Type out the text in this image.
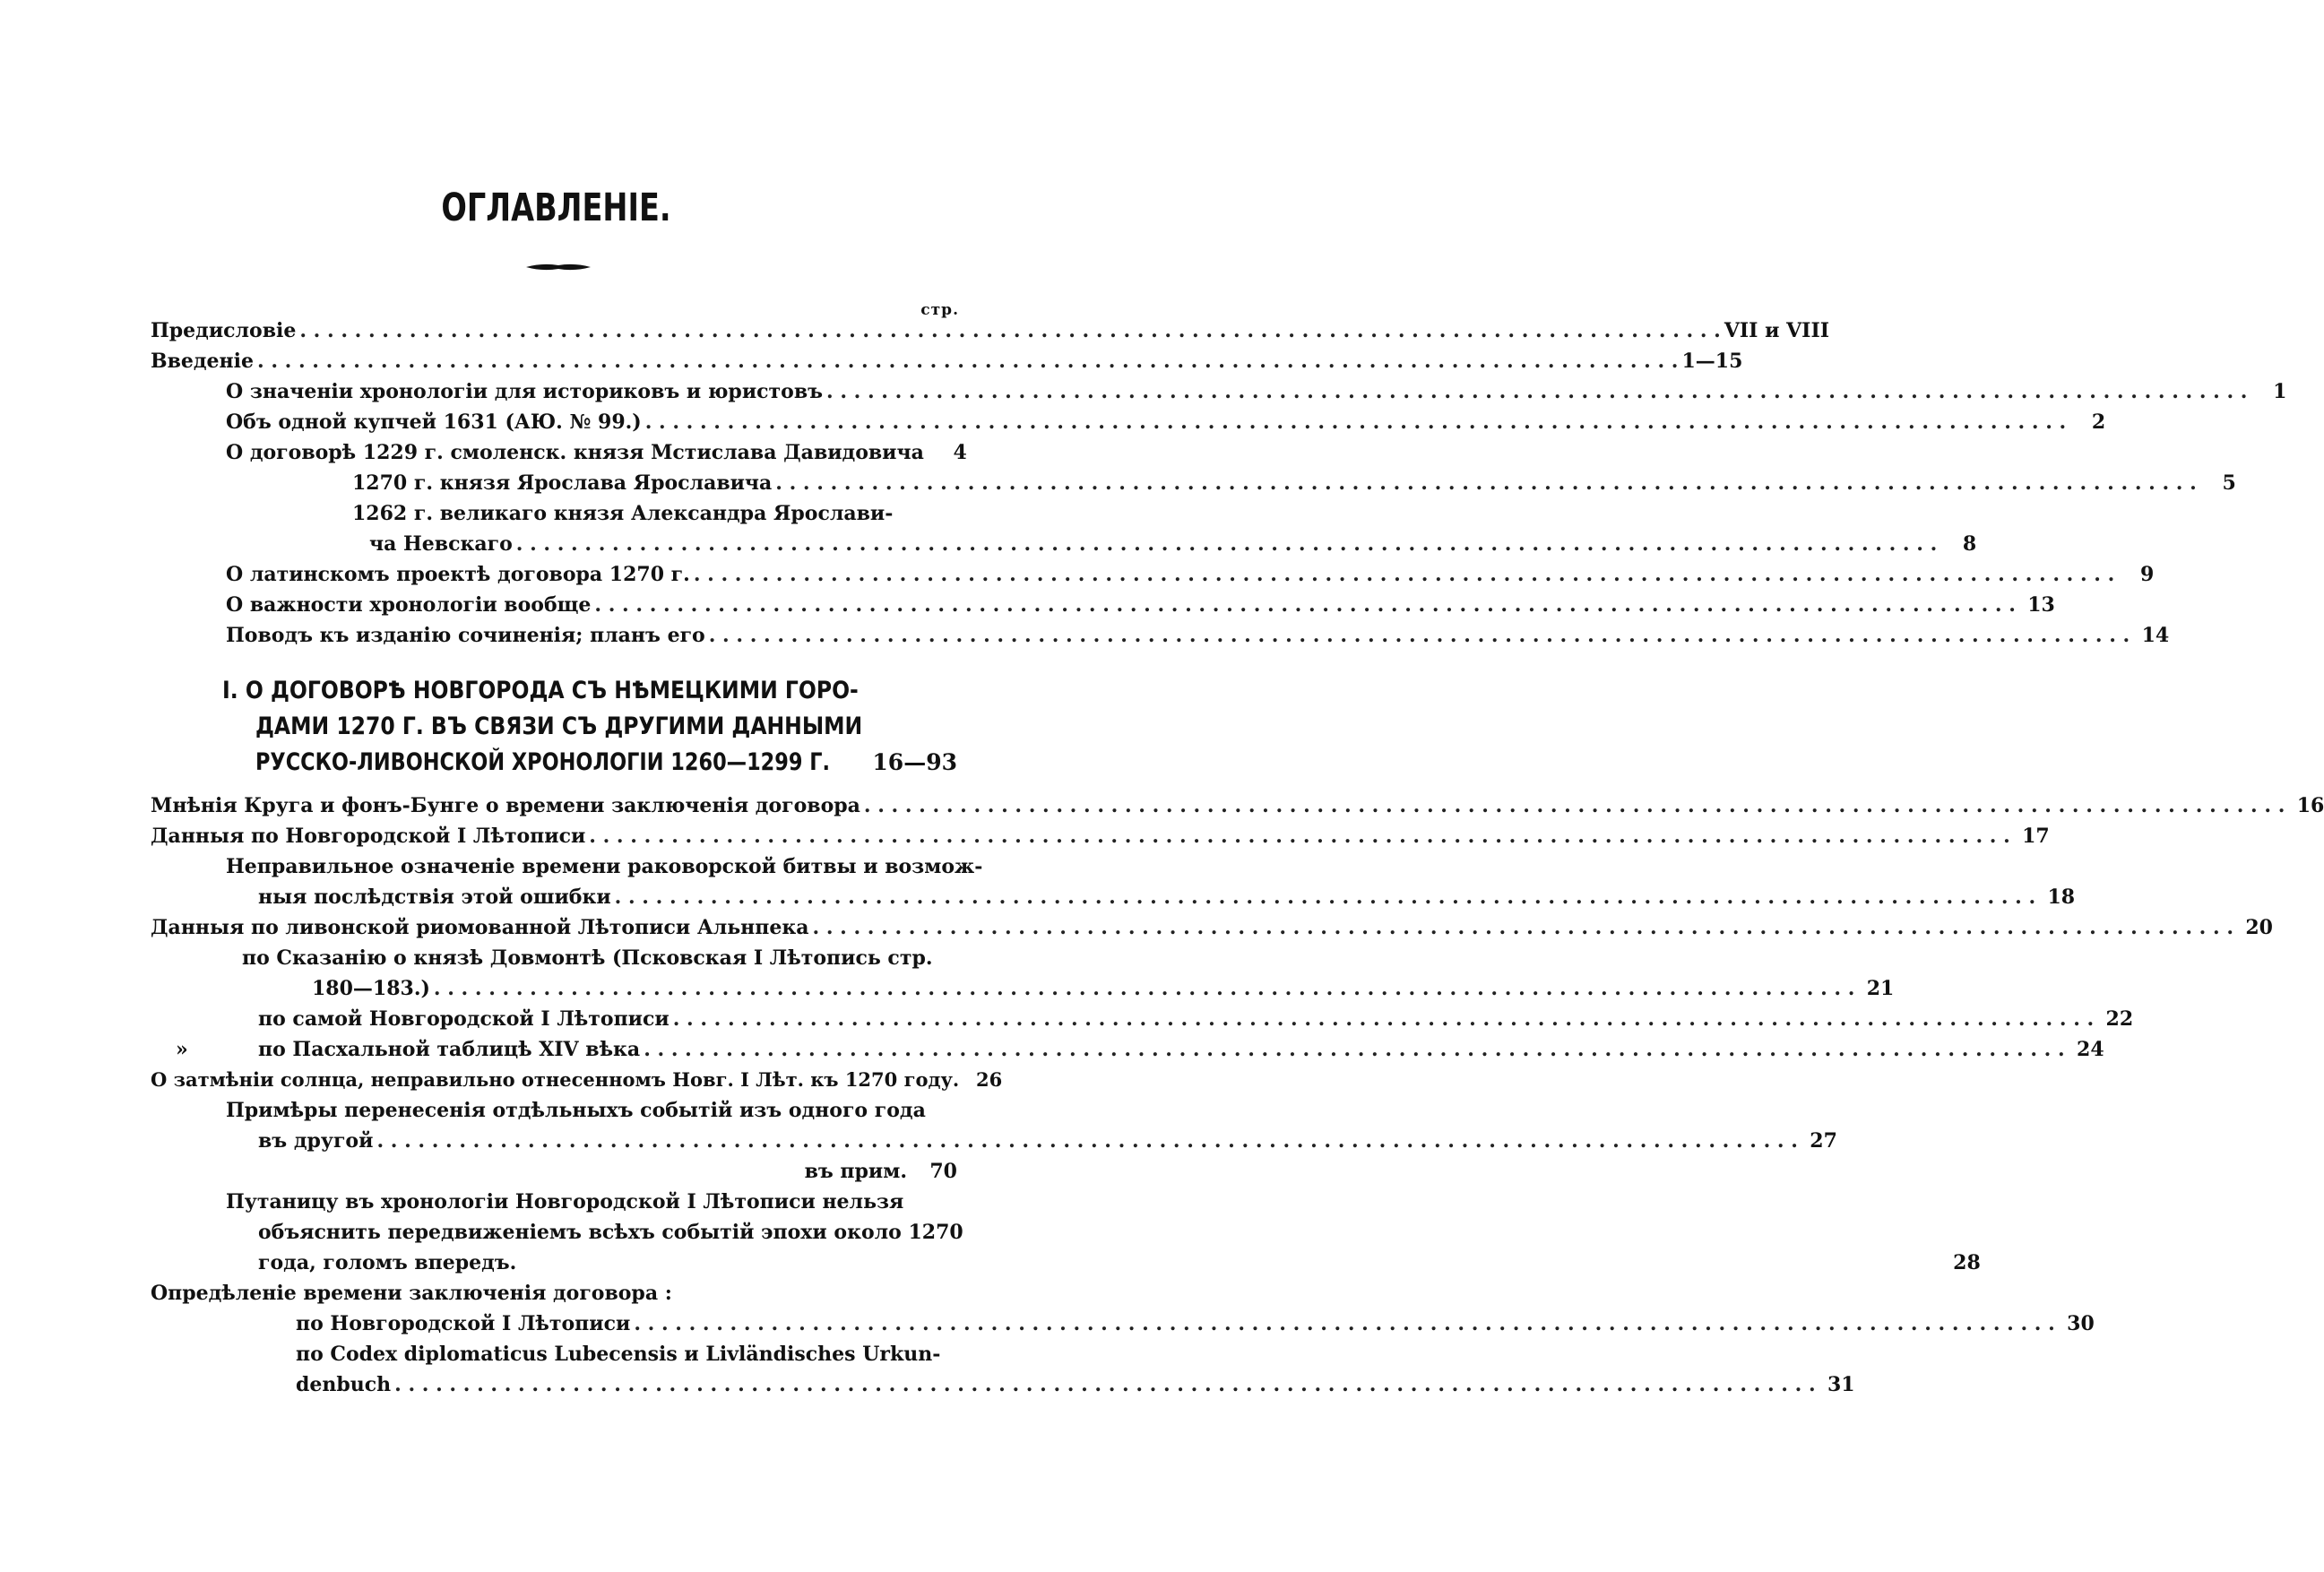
ОГЛАВЛЕНІЕ.
стр.
Предисловіе . . .	VII и VIII
Введеніе . . .	1—15
О значеніи хронологіи для историковъ и юристовъ . . .	1
Объ одной купчей 1631 (АЮ. № 99.) . . .	2
О договорѣ 1229 г. смоленск. князя Мстислава Давидовича	4
1270 г. князя Ярослава Ярославича . . .	5
1262 г. великаго князя Александра Ярослави-
ча Невскаго . . .	8
О латинскомъ проектѣ договора 1270 г. . . .	9
О важности хронологіи вообще . . .	13
Поводъ къ изданію сочиненія; планъ его . . .	14
I. О ДОГОВОРѢ НОВГОРОДА СЪ НѢМЕЦКИМИ ГОРО-
ДАМИ 1270 Г. ВЪ СВЯЗИ СЪ ДРУГИМИ ДАННЫМИ
РУССКО-ЛИВОНСКОЙ ХРОНОЛОГІИ 1260—1299 Г.	16—93
Мнѣнія Круга и фонъ-Бунге о времени заключенія договора . . .	16
Данныя по Новгородской I Лѣтописи . . .	17
Неправильное означеніе времени раковорской битвы и возмож-
ныя послѣдствія этой ошибки . . .	18
Данныя по ливонской риомованной Лѣтописи Альнпека . . .	20
по Сказанію о князѣ Довмонтѣ (Псковская I Лѣтопись стр.
180—183.) . . .	21
по самой Новгородской I Лѣтописи . . .	22
»	по Пасхальной таблицѣ XIV вѣка . . .	24
О затмѣніи солнца, неправильно отнесенномъ Новг. I Лѣт. къ 1270 году. 26
Примѣры перенесенія отдѣльныхъ событій изъ одного года
въ другой . . .	27
въ прим.	70
Путаницу въ хронологіи Новгородской I Лѣтописи нельзя
объяснить передвиженіемъ всѣхъ событій эпохи около 1270
года, голомъ впередъ.	28
Опредѣленіе времени заключенія договора :
по Новгородской I Лѣтописи . . .	30
по Codex diplomaticus Lubecensis и Livländisches Urkun-
denbuch . . .	31
